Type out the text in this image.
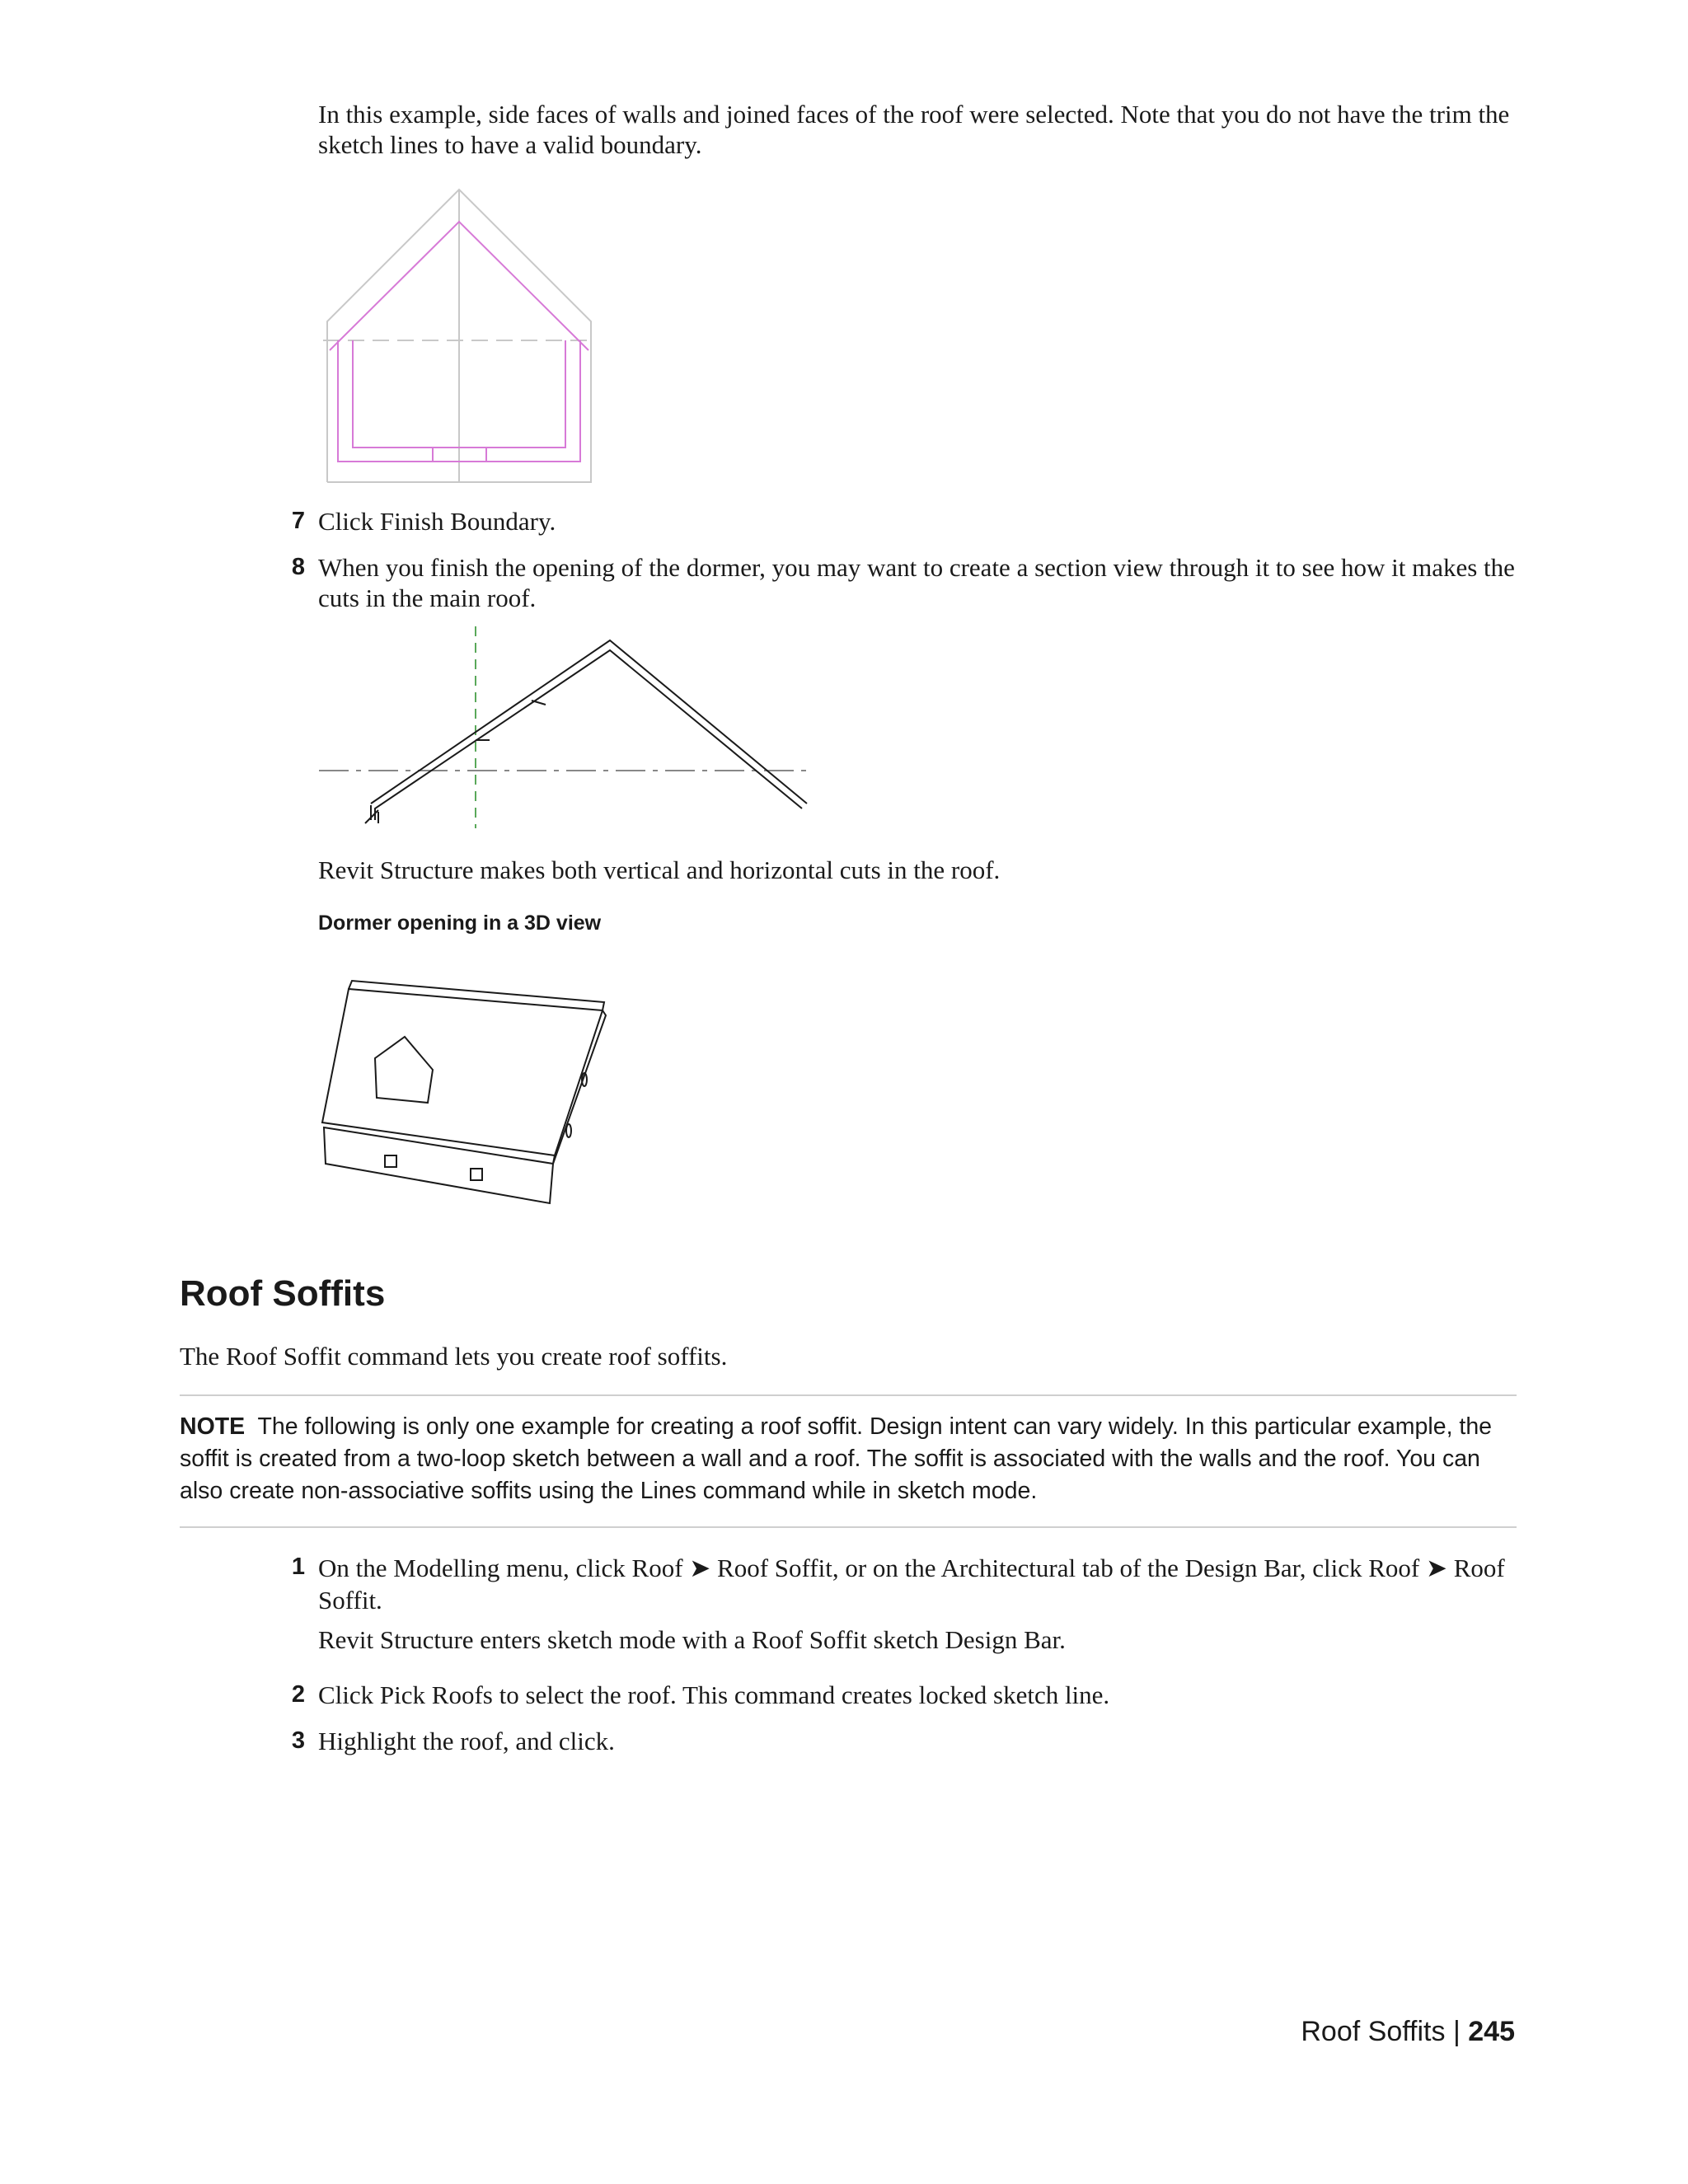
In this example, side faces of walls and joined faces of the roof were selected. Note that you do not have the trim the sketch lines to have a valid boundary.
7 Click Finish Boundary.
8 When you finish the opening of the dormer, you may want to create a section view through it to see how it makes the cuts in the main roof.
Revit Structure makes both vertical and horizontal cuts in the roof.
Dormer opening in a 3D view
Roof Soffits
The Roof Soffit command lets you create roof soffits.
NOTE The following is only one example for creating a roof soffit. Design intent can vary widely. In this particular example, the soffit is created from a two-loop sketch between a wall and a roof. The soffit is associated with the walls and the roof. You can also create non-associative soffits using the Lines command while in sketch mode.
1 On the Modelling menu, click Roof ➤ Roof Soffit, or on the Architectural tab of the Design Bar, click Roof ➤ Roof Soffit.
Revit Structure enters sketch mode with a Roof Soffit sketch Design Bar.
2 Click Pick Roofs to select the roof. This command creates locked sketch line.
3 Highlight the roof, and click.
Roof Soffits | 245
